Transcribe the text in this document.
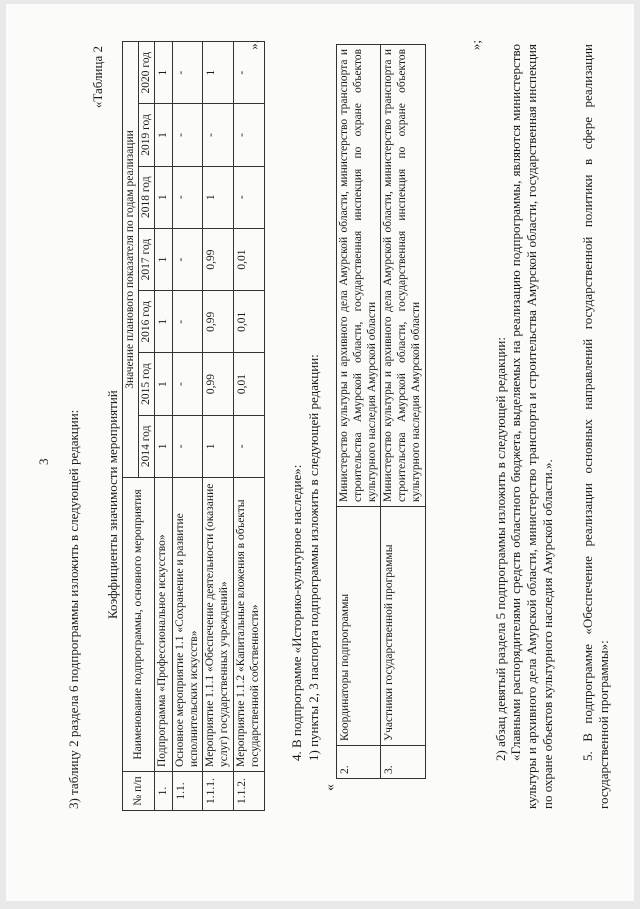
3 3) таблицу 2 раздела 6 подпрограммы изложить в следующей редакции:
«Таблица 2
Коэффициенты значимости мероприятий
№ п/п	Наименование подпрограммы, основного мероприятия	Значение планового показателя по годам реализации						
		2014 год	2015 год	2016 год	2017 год	2018 год	2019 год	2020 год
1.	Подпрограмма «Профессиональное искусство»	1	1	1	1	1	1	1
1.1.	Основное мероприятие 1.1 «Сохранение и развитие исполнительских искусств»	-	-	-	-	-	-	-
1.1.1.	Мероприятие 1.1.1 «Обеспечение деятельности (оказание услуг) государственных учреждений»	1	0,99	0,99	0,99	1	-	1
1.1.2.	Мероприятие 1.1.2 «Капитальные вложения в объекты государственной собственности»	-	0,01	0,01	0,01	-	-	-
».
4. В подпрограмме «Историко-культурное наследие»: 1) пункты 2, 3 паспорта подпрограммы изложить в следующей редакции:
«
2.	Координаторы подпрограммы	Министерство культуры и архивного дела Амурской области, министерство транспорта и строительства Амурской области, государственная инспекция по охране объектов культурного наследия Амурской области
3.	Участники государственной программы	Министерство культуры и архивного дела Амурской области, министерство транспорта и строительства Амурской области, государственная инспекция по охране объектов культурного наследия Амурской области
»;
2) абзац девятый раздела 5 подпрограммы изложить в следующей редакции: «Главными распорядителями средств областного бюджета, выделяемых на реализацию подпрограммы, являются министерство культуры и архивного дела Амурской области, министерство транспорта и строительства Амурской области, государственная инспекция по охране объектов культурного наследия Амурской области.». 5. В подпрограмме «Обеспечение реализации основных направлений государственной политики в сфере реализации государственной программы»:
